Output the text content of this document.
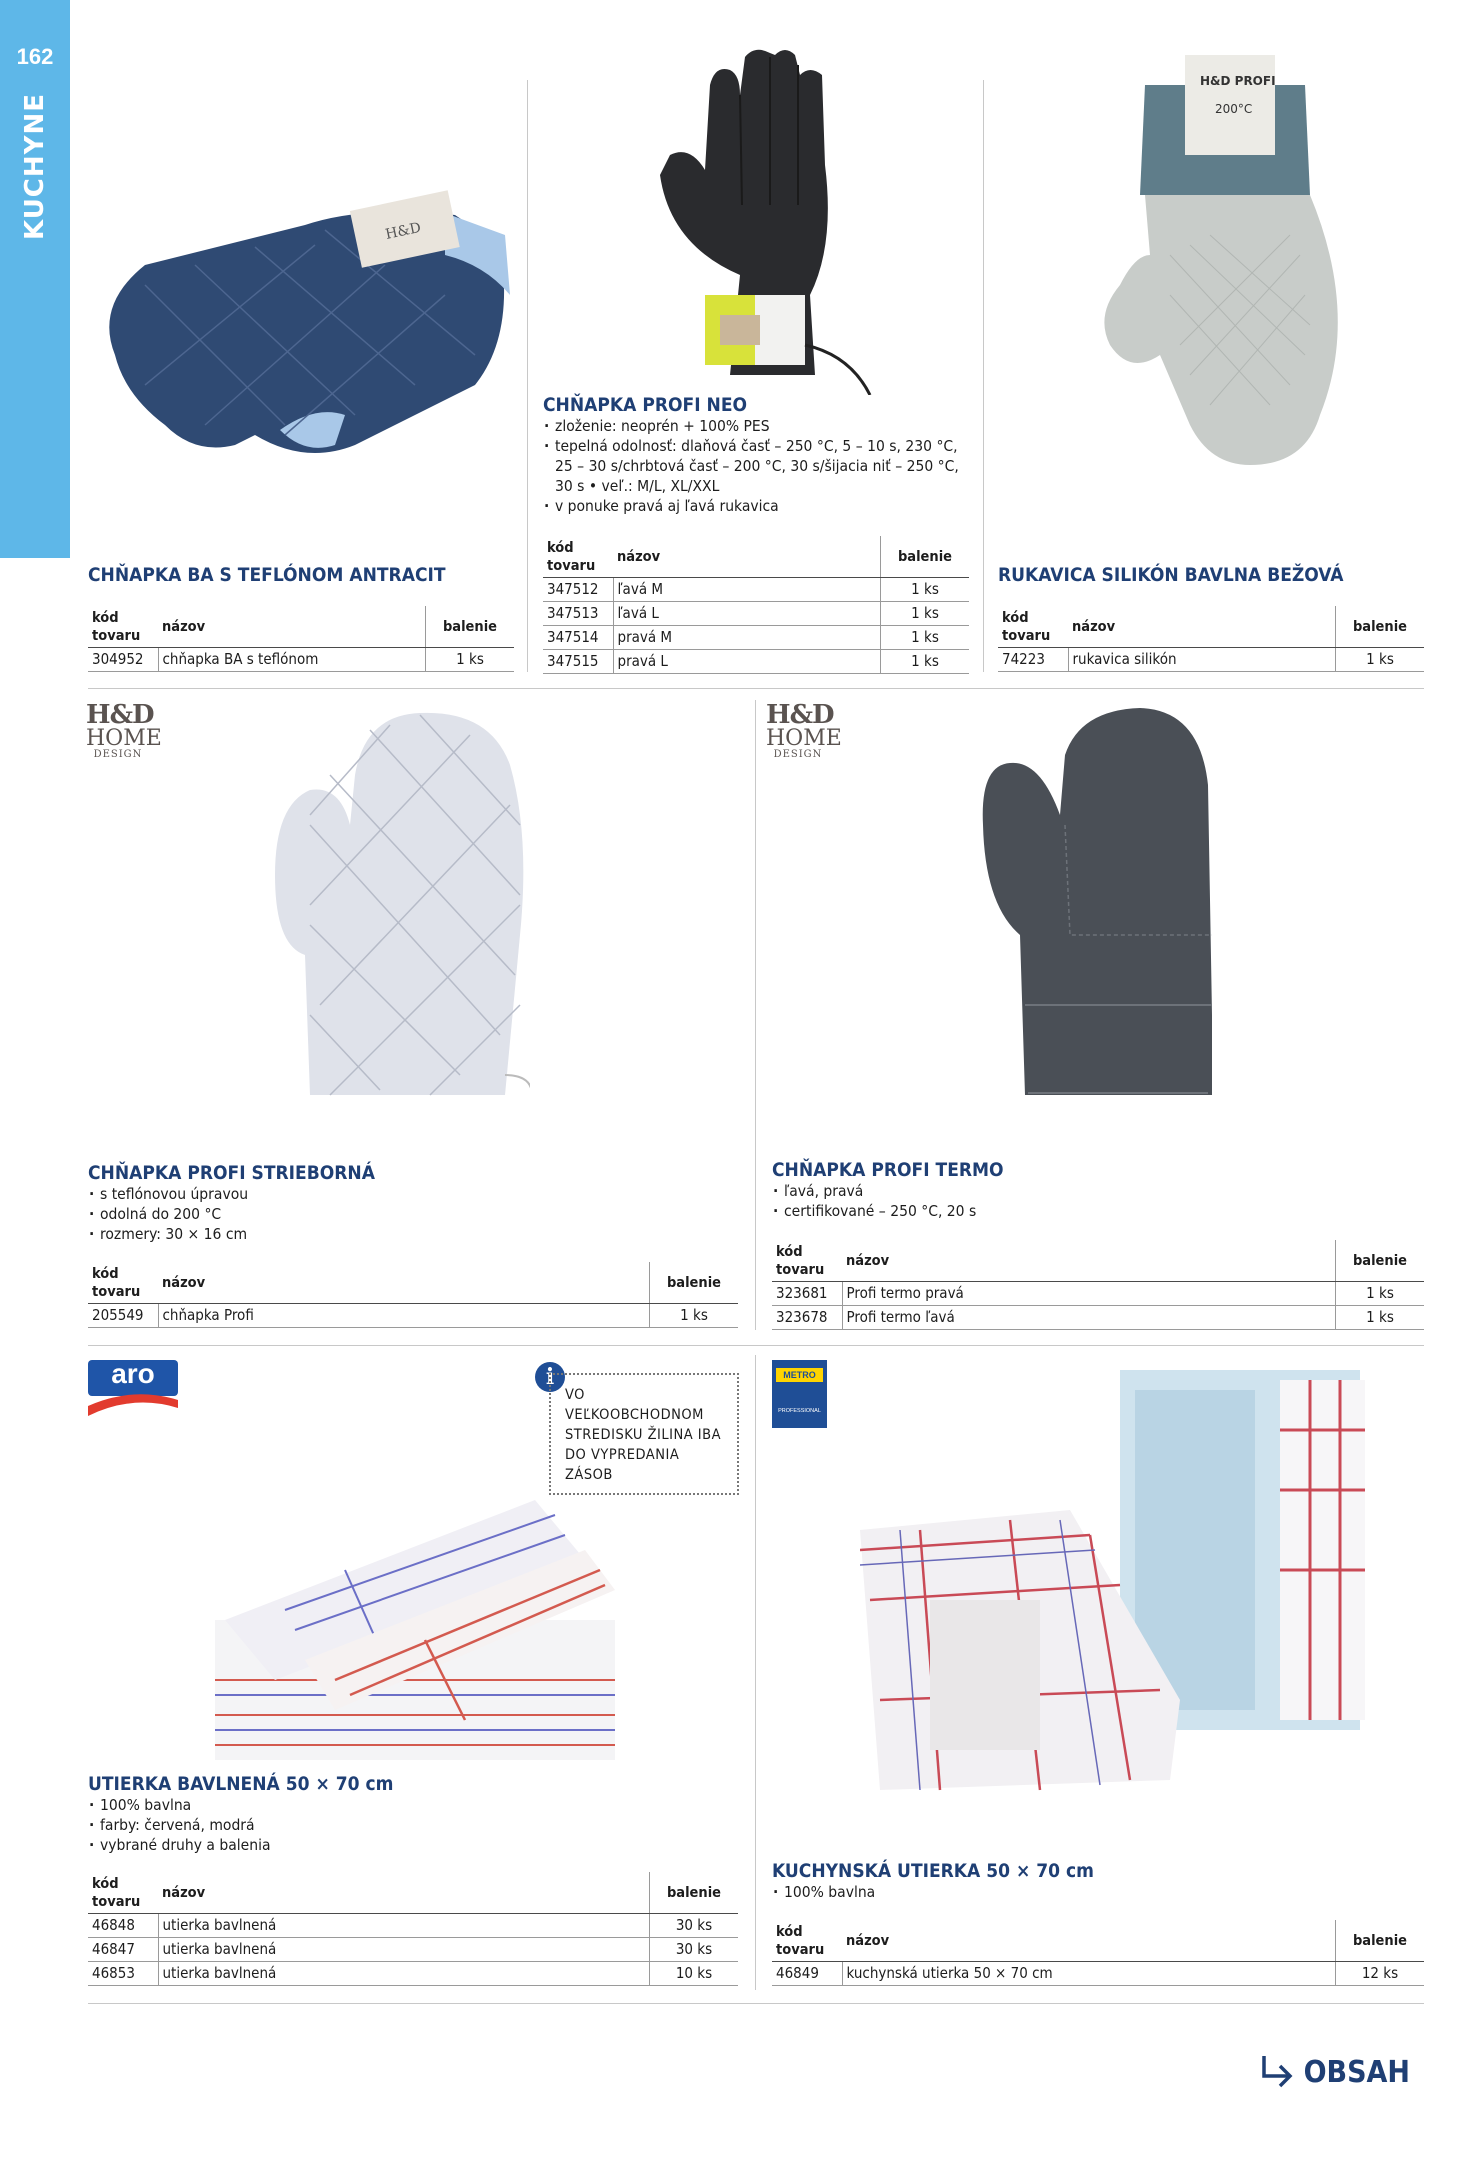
162
KUCHYNE	H&D
H&D PROFI
200°C
CHŇAPKA BA S TEFLÓNOM ANTRACIT
kód tovaru	názov	balenie
304952	chňapka BA s teflónom	1 ks
CHŇAPKA PROFI NEO
· zloženie: neoprén + 100% PES
· tepelná odolnosť: dlaňová časť – 250 °C, 5 – 10 s, 230 °C, 25 – 30 s/chrbtová časť – 200 °C, 30 s/šijacia niť – 250 °C, 30 s • veľ.: M/L, XL/XXL
· v ponuke pravá aj ľavá rukavica
kód tovaru	názov	balenie
347512	ľavá M	1 ks
347513	ľavá L	1 ks
347514	pravá M	1 ks
347515	pravá L	1 ks
RUKAVICA SILIKÓN BAVLNA BEŽOVÁ
kód tovaru	názov	balenie
74223	rukavica silikón	1 ks
H&D
HOME
DESIGN
H&D
HOME
DESIGN
CHŇAPKA PROFI STRIEBORNÁ
· s teflónovou úpravou
· odolná do 200 °C
· rozmery: 30 × 16 cm
kód tovaru	názov	balenie
205549	chňapka Profi	1 ks
CHŇAPKA PROFI TERMO
· ľavá, pravá
· certifikované – 250 °C, 20 s
kód tovaru	názov	balenie
323681	Profi termo pravá	1 ks
323678	Profi termo ľavá	1 ks
aro	i
VO VEĽKOOBCHODNOM
STREDISKU ŽILINA IBA
DO VYPREDANIA ZÁSOB
METRO
PROFESSIONAL
UTIERKA BAVLNENÁ 50 × 70 cm
· 100% bavlna
· farby: červená, modrá
· vybrané druhy a balenia
kód tovaru	názov	balenie
46848	utierka bavlnená	30 ks
46847	utierka bavlnená	30 ks
46853	utierka bavlnená	10 ks
KUCHYNSKÁ UTIERKA 50 × 70 cm
· 100% bavlna
kód tovaru	názov	balenie
46849	kuchynská utierka 50 × 70 cm	12 ks
OBSAH
